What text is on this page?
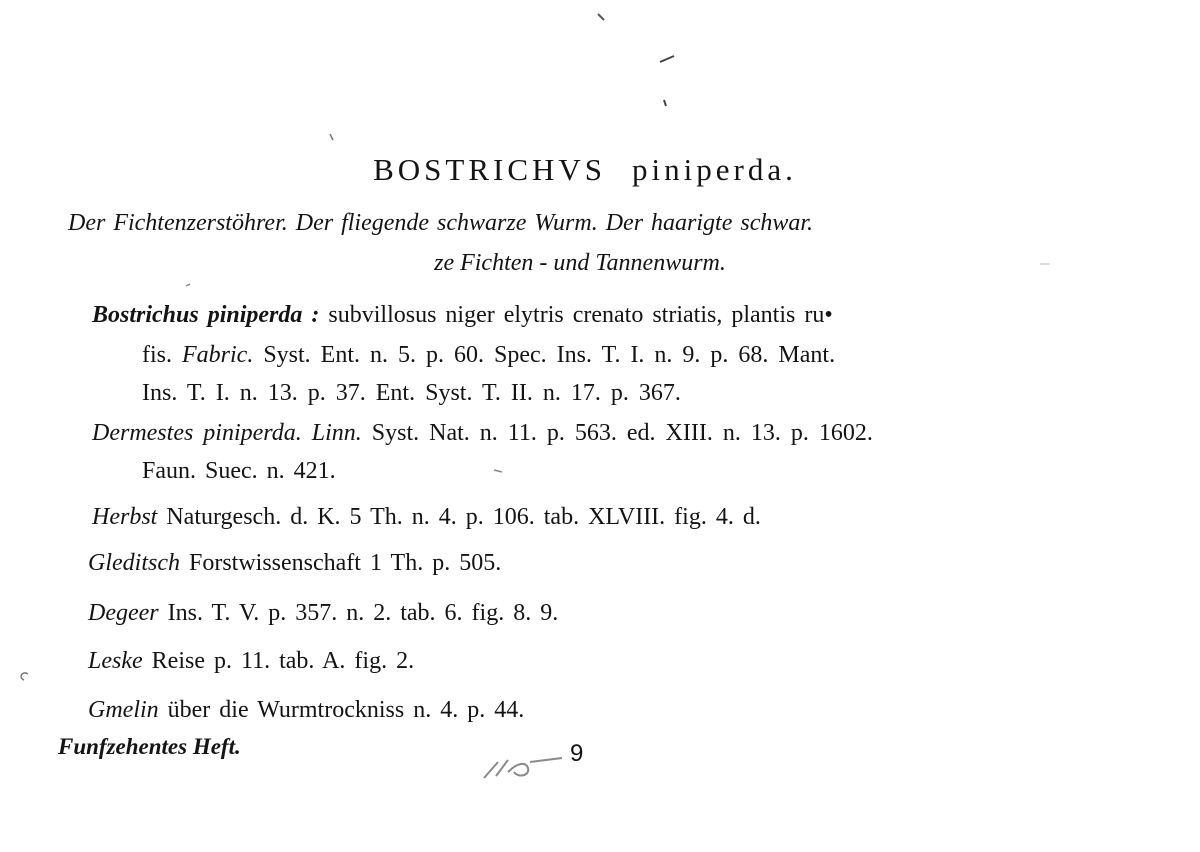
BOSTRICHVS piniperda.
Der Fichtenzerstöhrer. Der fliegende schwarze Wurm. Der haarigte schwar.
ze Fichten - und Tannenwurm.
Bostrichus piniperda : subvillosus niger elytris crenato striatis, plantis ru•
fis. Fabric. Syst. Ent. n. 5. p. 60. Spec. Ins. T. I. n. 9. p. 68. Mant.
Ins. T. I. n. 13. p. 37. Ent. Syst. T. II. n. 17. p. 367.
Dermestes piniperda. Linn. Syst. Nat. n. 11. p. 563. ed. XIII. n. 13. p. 1602.
Faun. Suec. n. 421.
Herbst Naturgesch. d. K. 5 Th. n. 4. p. 106. tab. XLVIII. fig. 4. d.
Gleditsch Forstwissenschaft 1 Th. p. 505.
Degeer Ins. T. V. p. 357. n. 2. tab. 6. fig. 8. 9.
Leske Reise p. 11. tab. A. fig. 2.
Gmelin über die Wurmtrockniss n. 4. p. 44.
Funfzehentes Heft.	9
